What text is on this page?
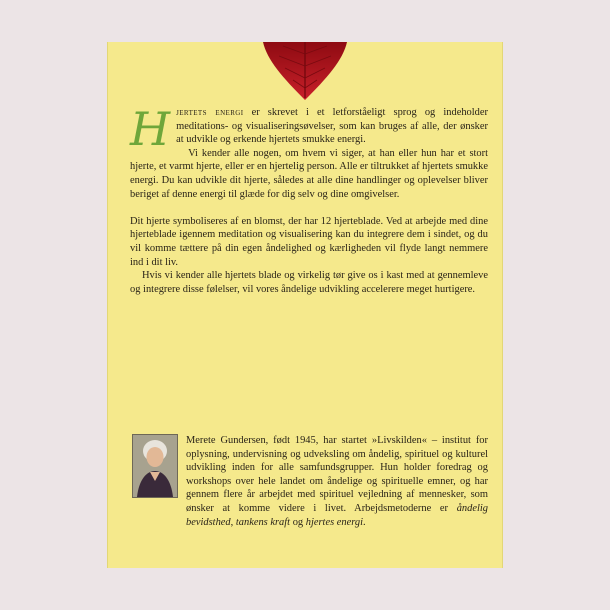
H jertets energi er skrevet i et letforståeligt sprog og indeholder meditations- og visualiseringsøvelser, som kan bruges af alle, der ønsker at udvikle og erkende hjertets smukke energi.

Vi kender alle nogen, om hvem vi siger, at han eller hun har et stort hjerte, et varmt hjerte, eller er en hjertelig person. Alle er tiltrukket af hjertets smukke energi. Du kan udvikle dit hjerte, således at alle dine handlinger og oplevelser bliver beriget af denne energi til glæde for dig selv og dine omgivelser.

Dit hjerte symboliseres af en blomst, der har 12 hjerteblade. Ved at arbejde med dine hjerteblade igennem meditation og visualisering kan du integrere dem i sindet, og du vil komme tættere på din egen åndelighed og kærligheden vil flyde langt nemmere ind i dit liv.

Hvis vi kender alle hjertets blade og virkelig tør give os i kast med at gennemleve og integrere disse følelser, vil vores åndelige udvikling accelerere meget hurtigere.

Merete Gundersen, født 1945, har startet »Livskilden« – institut for oplysning, undervisning og udveksling om åndelig, spirituel og kulturel udvikling inden for alle samfundsgrupper. Hun holder foredrag og workshops over hele landet om åndelige og spirituelle emner, og har gennem flere år arbejdet med spirituel vejledning af mennesker, som ønsker at komme videre i livet. Arbejdsmetoderne er åndelig bevidsthed, tankens kraft og hjertes energi.
